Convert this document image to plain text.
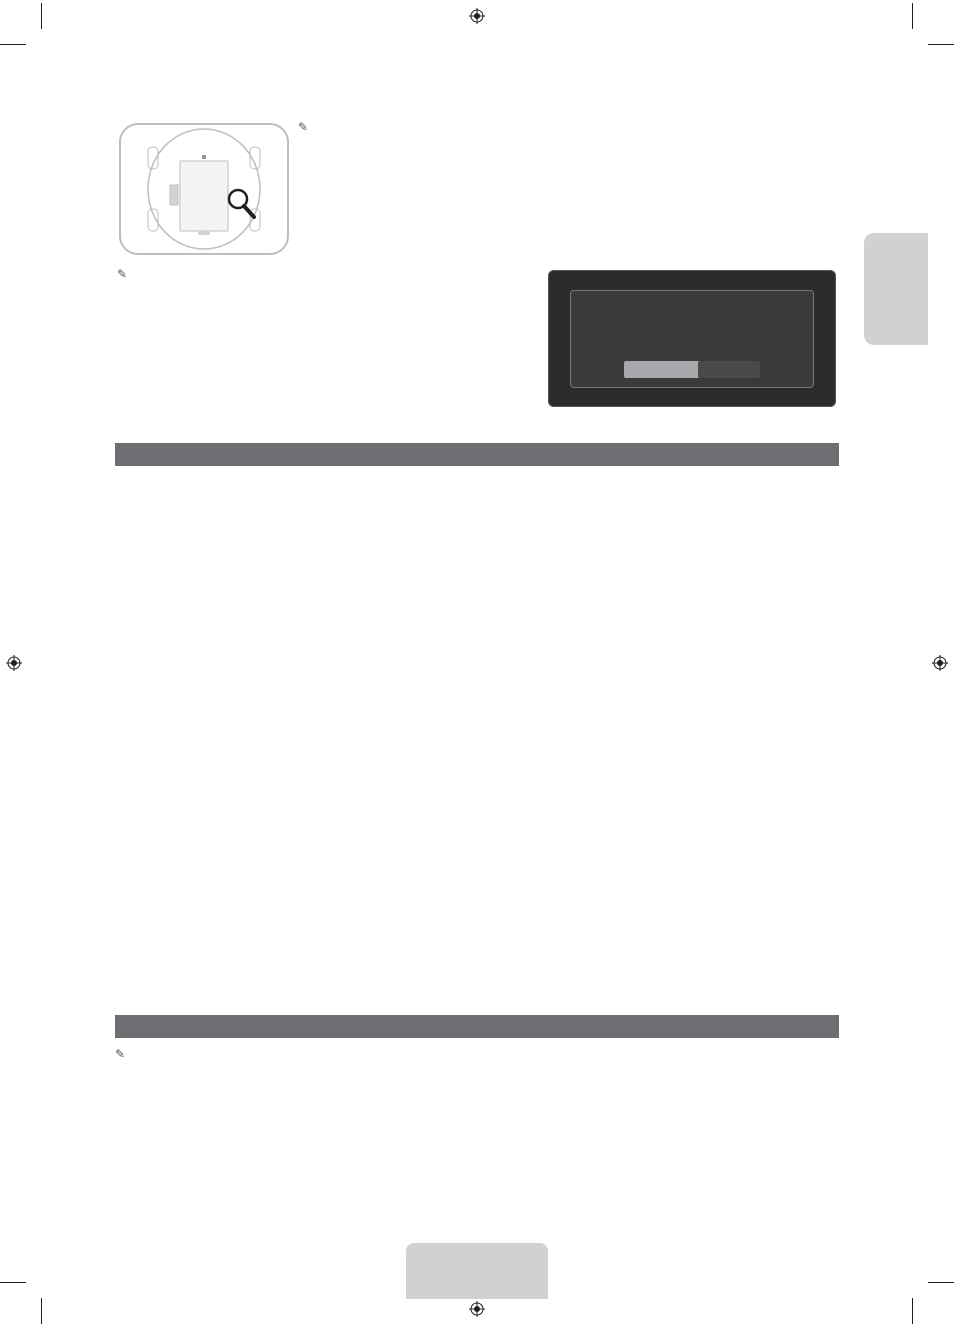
✎
✎

✎
